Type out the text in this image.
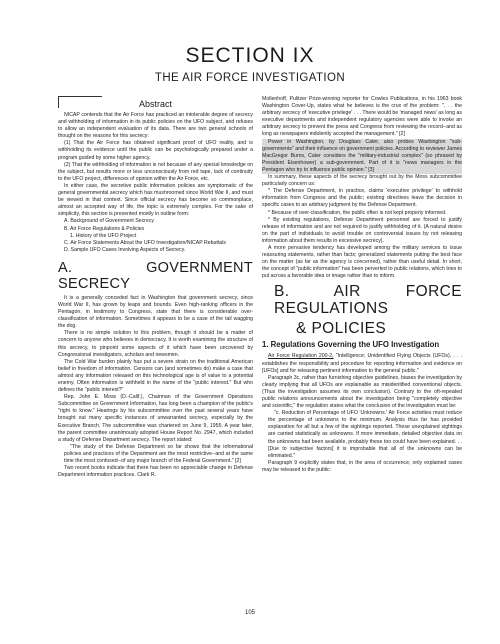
SECTION IX
THE AIR FORCE INVESTIGATION
Abstract

NICAP contends that the Air Force has practiced an intolerable degree of secrecy and withholding of information in its public policies on the UFO subject, and refuses to allow an independent evaluation of its data. There are two general schools of thought on the reasons for this secrecy:

(1) That the Air Force has obtained significant proof of UFO reality, and is withholding its evidence until the public can be psychologically prepared under a program guided by some higher agency.

(2) That the withholding of information is not because of any special knowledge on the subject, but results more or less unconsciously from red tape, lack of continuity to the UFO project, differences of opinion within the Air Force, etc.

In either case, the secretive public information policies are symptomatic of the general governmental secrecy which has mushroomed since World War II, and must be viewed in that context. Since official secrecy has become so commonplace, almost an accepted way of life, the topic is extremely complex. For the sake of simplicity, this section is presented mostly in outline form:

A. Background of Government Secrecy
B. Air Force Regulations & Policies
1. History of the UFO Project
C. Air Force Statements About the UFO Investigation/NICAP Rebuttals
D. Sample UFO Cases Involving Aspects of Secrecy.
A. GOVERNMENT SECRECY

It is a generally conceded fact in Washington that government secrecy, since World War II, has grown by leaps and bounds. Even high-ranking officers in the Pentagon, in testimony to Congress, state that there is considerable over-classification of information. Sometimes it appears to be a case of the tail wagging the dog.

There is no simple solution to this problem, though it should be a matter of concern to anyone who believes in democracy. It is worth examining the structure of this secrecy, to pinpoint some aspects of it which have been uncovered by Congressional investigators, scholars and newsmen.

The Cold War burden plainly has put a severe strain on the traditional American belief in freedom of information. Censors can (and sometimes do) make a case that almost any information released on this technological age is of value to a potential enemy. Often information is withheld in the name of the "public interest." But who defines the "public interest?"

Rep. John E. Moss (D.-Calif.), Chairman of the Government Operations Subcommittee on Government Information, has long been a champion of the public's "right to know." Hearings by his subcommittee over the past several years have brought out many specific instances of unwarranted secrecy, especially by the Executive Branch. The subcommittee was chartered on June 9, 1955. A year later, the parent committee unanimously adopted House Report No. 2947, which included a study of Defense Department secrecy. The report stated:

"The study of the Defense Department so far shows that the informational policies and practices of the Department are the most restrictive--and at the same time the most confused--of any major branch of the Federal Government." [2]

Two recent books indicate that there has been no appreciable change in Defense Department information practices. Clark R.

Mollenhoff, Pulitzer Prize-winning reporter for Cowles Publications, in his 1963 book Washington Cover-Up, states what he believes is the crux of the problem: ". . . the arbitrary secrecy of 'executive privilege' . . . There would be 'managed news' as long as executive departments and independent regulatory agencies were able to invoke an arbitrary secrecy to prevent the press and Congress from reviewing the record--and as long as newspapers indolently accepted the management." [2]

Power in Washington, by Douglass Cater, also probes Washington "sub-governments" and their influence on government policies. According to reviewer James MacGregor Burns, Cater considers the "military-industrial complex" (so phrased by President Eisenhower) a sub-government. Part of it is "news managers in the Pentagon who try to influence public opinion." [3]

In summary, these aspects of the secrecy brought out by the Moss subcommittee particularly concern us:

* The Defense Department, in practice, claims 'executive privilege' to withhold information from Congress and the public; existing directives leave the decision in specific cases to an arbitrary judgment by the Defense Department.

* Because of over-classification, the public often is not kept properly informed.

* By existing regulations, Defense Department personnel are forced to justify release of information and are not required to justify withholding of it. (A natural desire on the part of individuals to avoid trouble on controversial issues by not releasing information about them results in excessive secrecy).

A more pervasive tendency has developed among the military services to issue reassuring statements, rather than facts; generalized statements putting the best face on the matter (as far as the agency is concerned), rather than useful detail. In short, the concept of "public information" has been perverted to public relations, which tries to put across a favorable idea or image rather than to inform.

B. AIR FORCE REGULATIONS
& POLICIES
1. Regulations Governing the UFO Investigation

Air Force Regulation 200-2, "Intelligence; Unidentified Flying Objects (UFOs), . . . establishes the responsibility and procedure for reporting information and evidence on [UFOs] and for releasing pertinent information to the general public."

Paragraph 3c, rather than furnishing objective guidelines, biases the investigation by clearly implying that all UFOs are explainable as misidentified conventional objects. (Thus the investigation assumes its own conclusion). Contrary to the oft-repeated public relations announcements about the investigation being "completely objective and scientific," the regulation states what the conclusion of the investigation must be:

"c. Reduction of Percentage of UFO 'Unknowns.' Air Force activities must reduce the percentage of unknowns to the minimum. Analysis thus far has provided explanation for all but a few of the sightings reported. These unexplained sightings are carried statistically as unknowns. If more immediate, detailed objective data on the unknowns had been available, probably these too could have been explained. . . [Due to subjective factors] it is improbable that all of the unknowns can be eliminated."

Paragraph 9 explicitly states that, in the area of occurrence, only explained cases may be released to the public:

105
